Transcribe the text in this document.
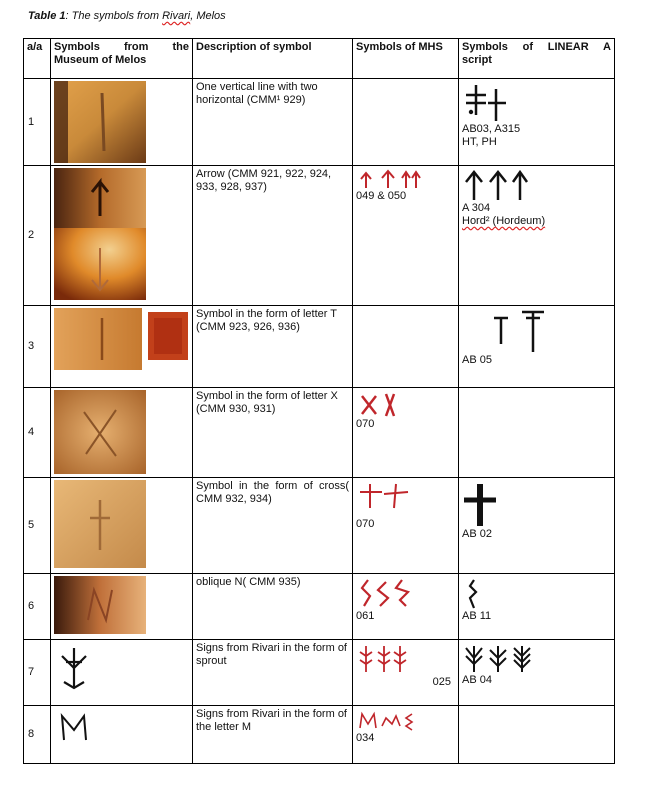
Table 1: The symbols from Rivari, Melos
a/a	Symbols from the
Museum of Melos	Description of symbol	Symbols of MHS	Symbols of LINEAR A
script

1		One vertical line with two horizontal (CMM¹ 929)		AB03, A315
HT, PH

2		Arrow (CMM 921, 922, 924, 933, 928, 937)	049 & 050	A 304
Hord² (Hordeum)

3		Symbol in the form of letter T (CMM 923, 926, 936)		AB 05

4		Symbol in the form of letter X (CMM 930, 931)	070	

5		Symbol in the form of cross( CMM 932, 934)	070	AB 02

6		oblique N( CMM 935)	061	AB 11

7		Signs from Rivari in the form of sprout	025	AB 04

8		Signs from Rivari in the form of the letter M	034	
